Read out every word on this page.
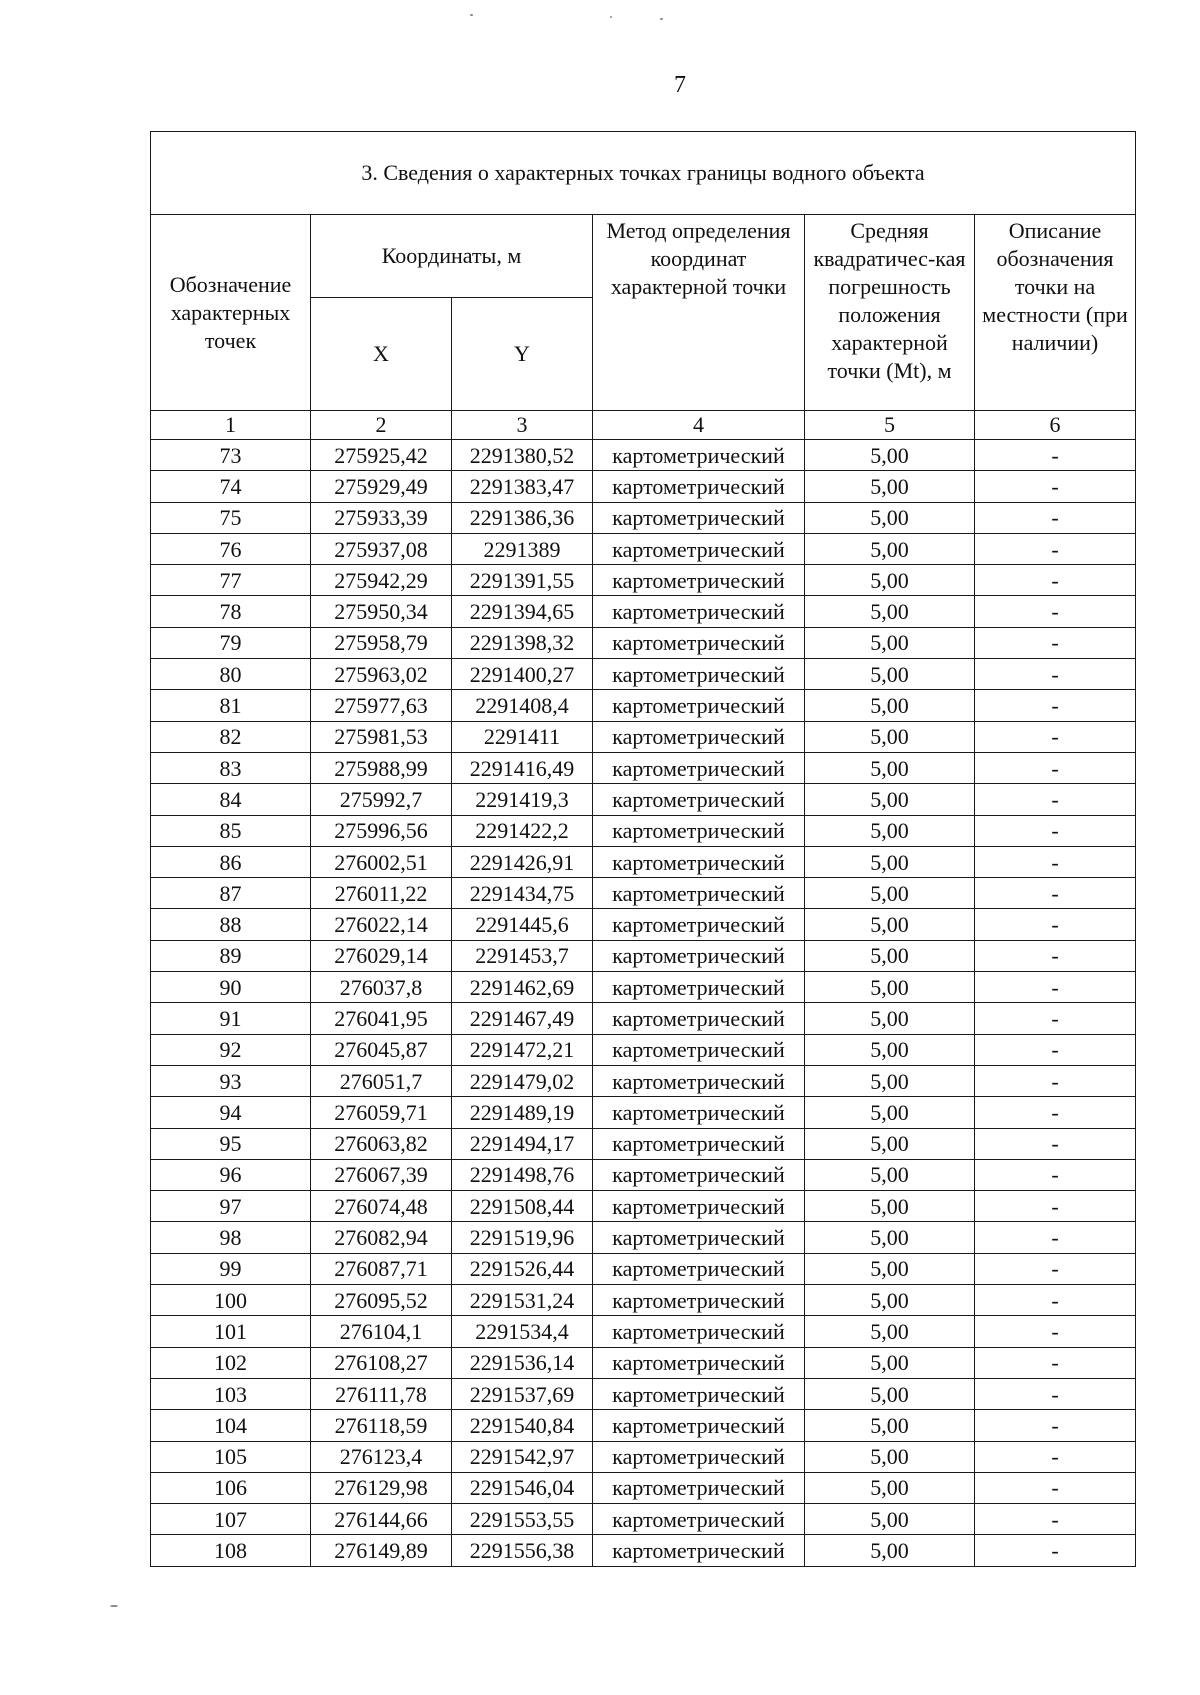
7
3. Сведения о характерных точках границы водного объекта					
Обозначение характерных точек	Координаты, м		Метод определения координат характерной точки	Средняя квадратичес-кая погрешность положения характерной точки (Mt), м	Описание обозначения точки на местности (при наличии)
	X	Y			
1	2	3	4	5	6
73	275925,42	2291380,52	картометрический	5,00	-
74	275929,49	2291383,47	картометрический	5,00	-
75	275933,39	2291386,36	картометрический	5,00	-
76	275937,08	2291389	картометрический	5,00	-
77	275942,29	2291391,55	картометрический	5,00	-
78	275950,34	2291394,65	картометрический	5,00	-
79	275958,79	2291398,32	картометрический	5,00	-
80	275963,02	2291400,27	картометрический	5,00	-
81	275977,63	2291408,4	картометрический	5,00	-
82	275981,53	2291411	картометрический	5,00	-
83	275988,99	2291416,49	картометрический	5,00	-
84	275992,7	2291419,3	картометрический	5,00	-
85	275996,56	2291422,2	картометрический	5,00	-
86	276002,51	2291426,91	картометрический	5,00	-
87	276011,22	2291434,75	картометрический	5,00	-
88	276022,14	2291445,6	картометрический	5,00	-
89	276029,14	2291453,7	картометрический	5,00	-
90	276037,8	2291462,69	картометрический	5,00	-
91	276041,95	2291467,49	картометрический	5,00	-
92	276045,87	2291472,21	картометрический	5,00	-
93	276051,7	2291479,02	картометрический	5,00	-
94	276059,71	2291489,19	картометрический	5,00	-
95	276063,82	2291494,17	картометрический	5,00	-
96	276067,39	2291498,76	картометрический	5,00	-
97	276074,48	2291508,44	картометрический	5,00	-
98	276082,94	2291519,96	картометрический	5,00	-
99	276087,71	2291526,44	картометрический	5,00	-
100	276095,52	2291531,24	картометрический	5,00	-
101	276104,1	2291534,4	картометрический	5,00	-
102	276108,27	2291536,14	картометрический	5,00	-
103	276111,78	2291537,69	картометрический	5,00	-
104	276118,59	2291540,84	картометрический	5,00	-
105	276123,4	2291542,97	картометрический	5,00	-
106	276129,98	2291546,04	картометрический	5,00	-
107	276144,66	2291553,55	картометрический	5,00	-
108	276149,89	2291556,38	картометрический	5,00	-
